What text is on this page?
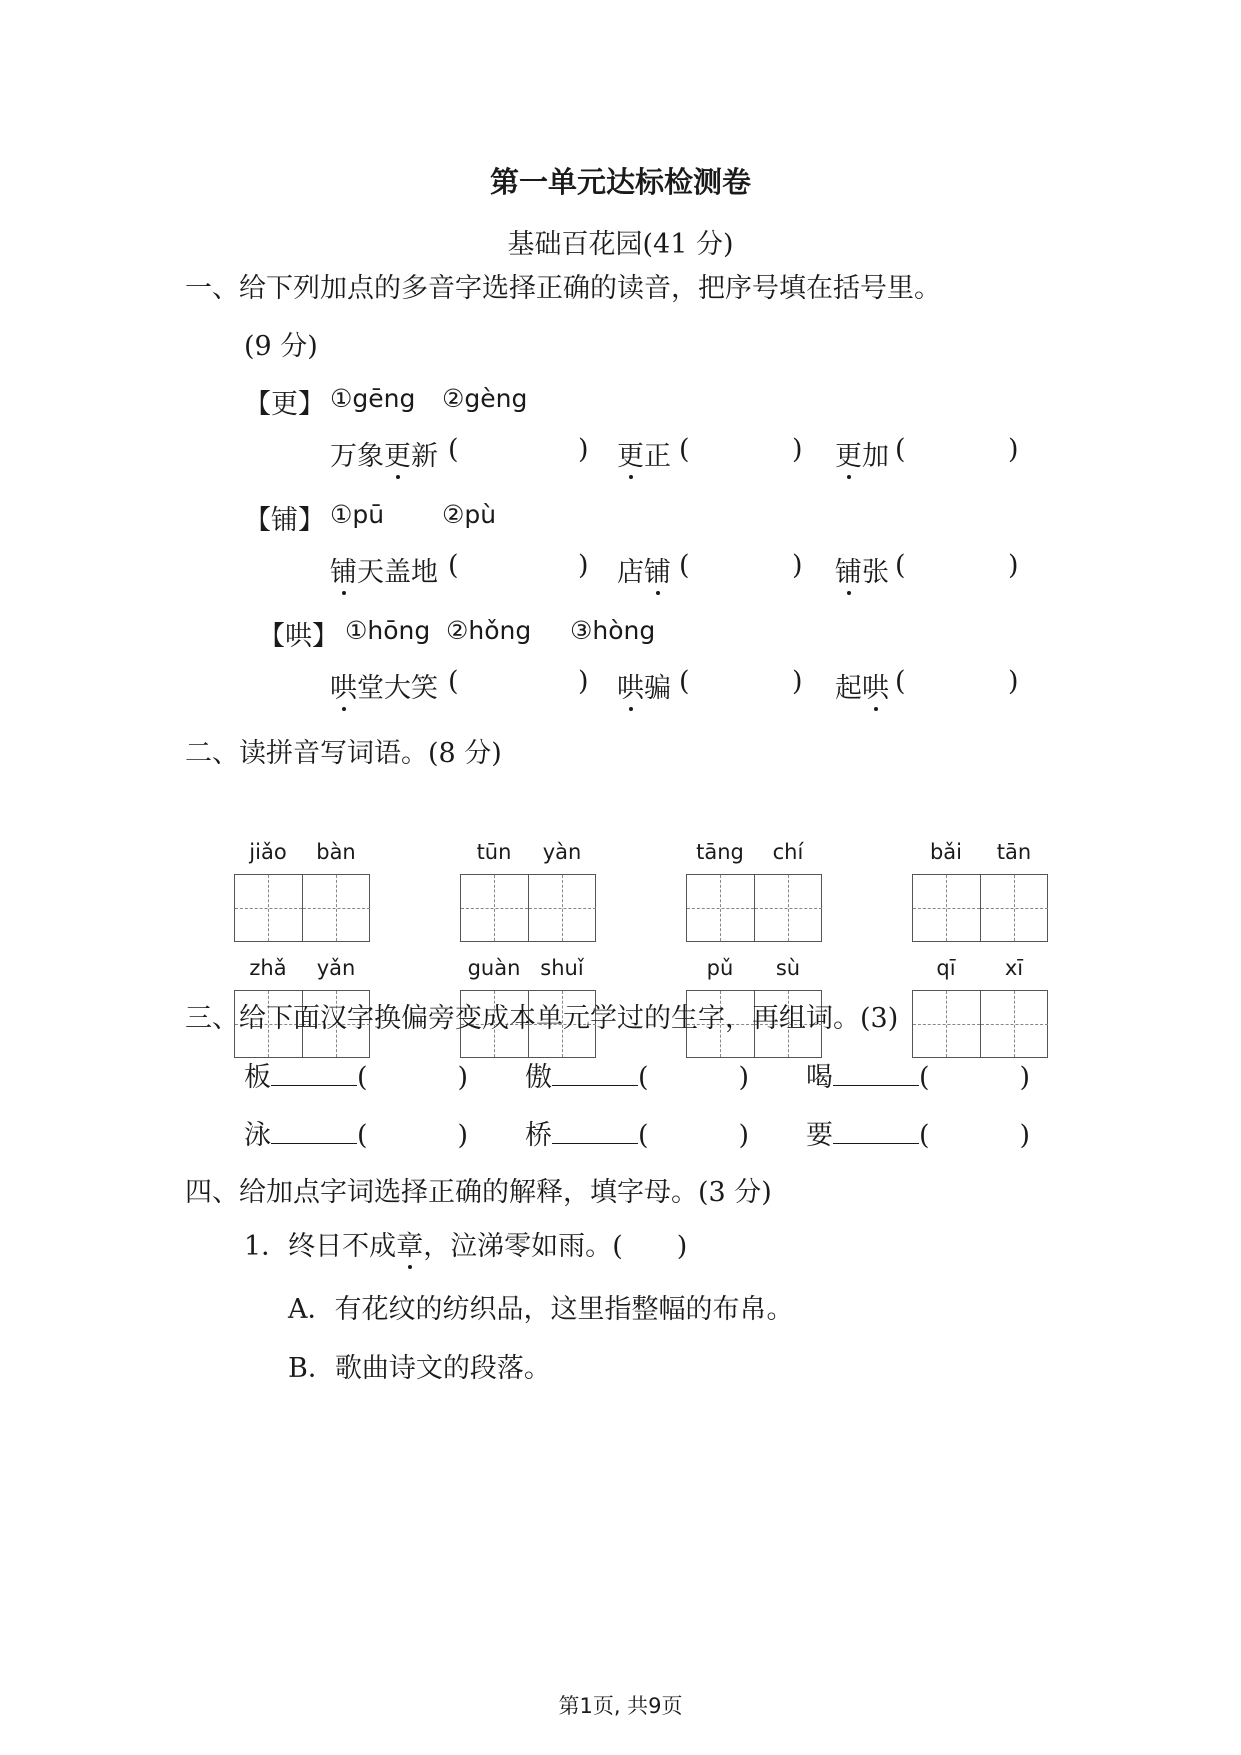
第一单元达标检测卷
基础百花园(41 分)
一、给下列加点的多音字选择正确的读音，把序号填在括号里。
(9 分)
【更】 ①gēng ②gèng
万象更新 (	) 更正 (	) 更加 (	)
【铺】 ①pū ②pù
铺天盖地 (	) 店铺 (	) 铺张 (	)
【哄】 ①hōng ②hǒng ③hòng
哄堂大笑 (	) 哄骗 (	) 起哄 (	)
二、读拼音写词语。(8 分)
jiǎo	bàn	tūn	yàn	tāng	chí	bǎi	tān
zhǎ	yǎn	guàn shuǐ	pǔ	sù	qī	xī
三、给下面汉字换偏旁变成本单元学过的生字，再组词。(3)
板	(	) 傲	(	) 喝	(	)
泳	(	) 桥	(	) 要	(	)
四、给加点字词选择正确的解释，填字母。(3 分)
1．终日不成章，泣涕零如雨。(　　)
A．有花纹的纺织品，这里指整幅的布帛。
B．歌曲诗文的段落。
第1页, 共9页
